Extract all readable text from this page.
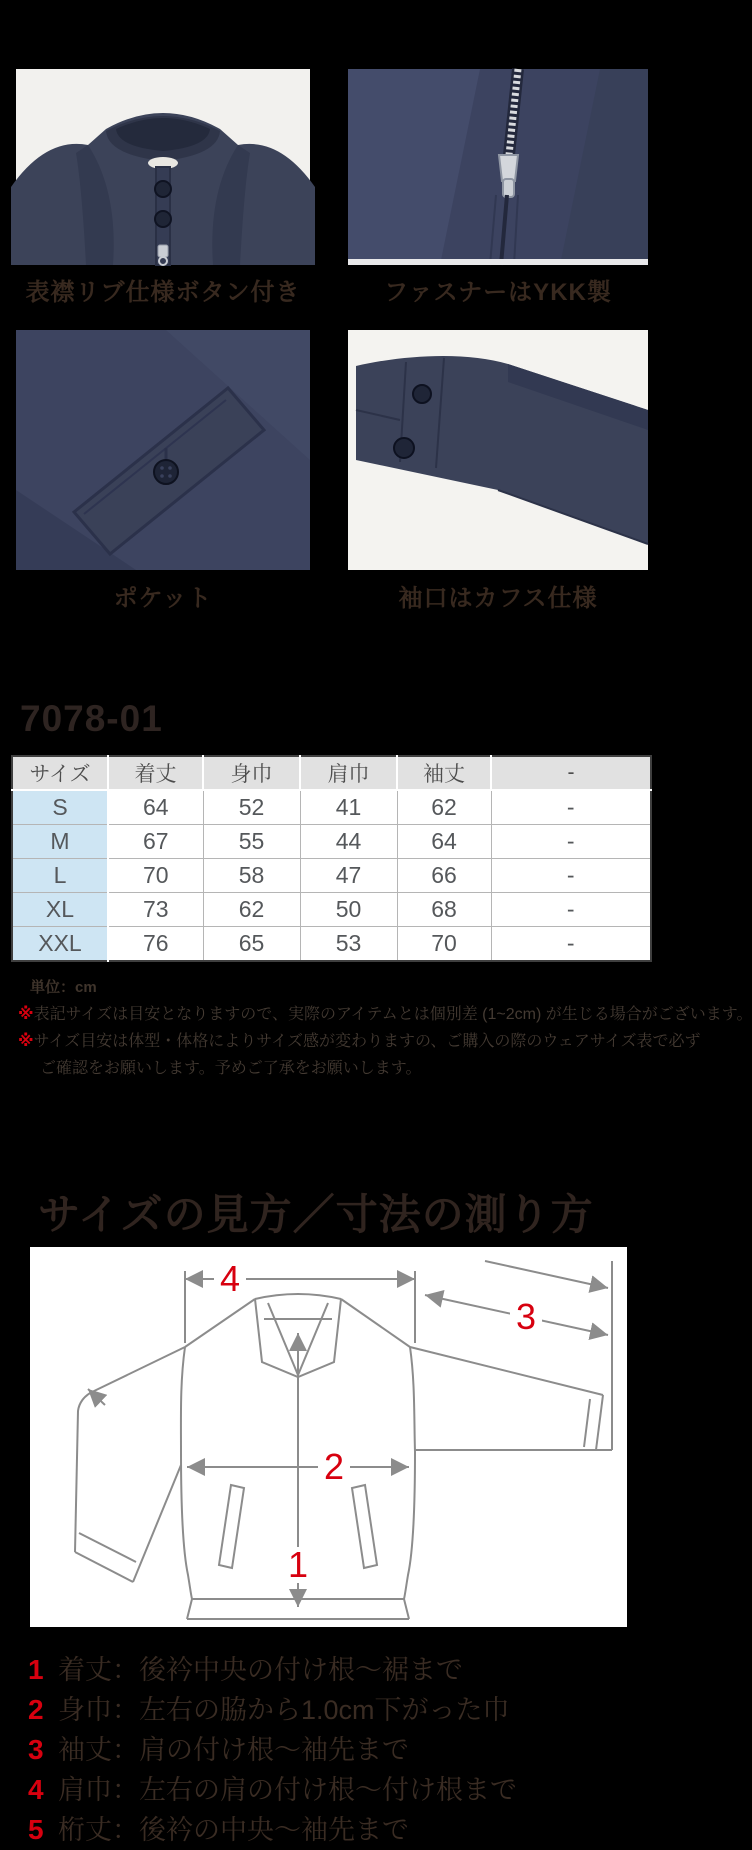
表襟リブ仕様ボタン付き	ファスナーはYKK製
ポケット	袖口はカフス仕様
7078-01
サイズ	着丈	身巾	肩巾	袖丈	-
S	64	52	41	62	-
M	67	55	44	64	-
L	70	58	47	66	-
XL	73	62	50	68	-
XXL	76	65	53	70	-
単位：cm
※表記サイズは目安となりますので、実際のアイテムとは個別差 (1~2cm) が生じる場合がございます。
※サイズ目安は体型・体格によりサイズ感が変わりますの、ご購入の際のウェアサイズ表で必ず
ご確認をお願いします。予めご了承をお願いします。
サイズの見方／寸法の測り方
4
3
2
1
1 着丈：後衿中央の付け根～裾まで
2 身巾：左右の脇から1.0cm下がった巾
3 袖丈：肩の付け根～袖先まで
4 肩巾：左右の肩の付け根～付け根まで
5 桁丈：後衿の中央～袖先まで
